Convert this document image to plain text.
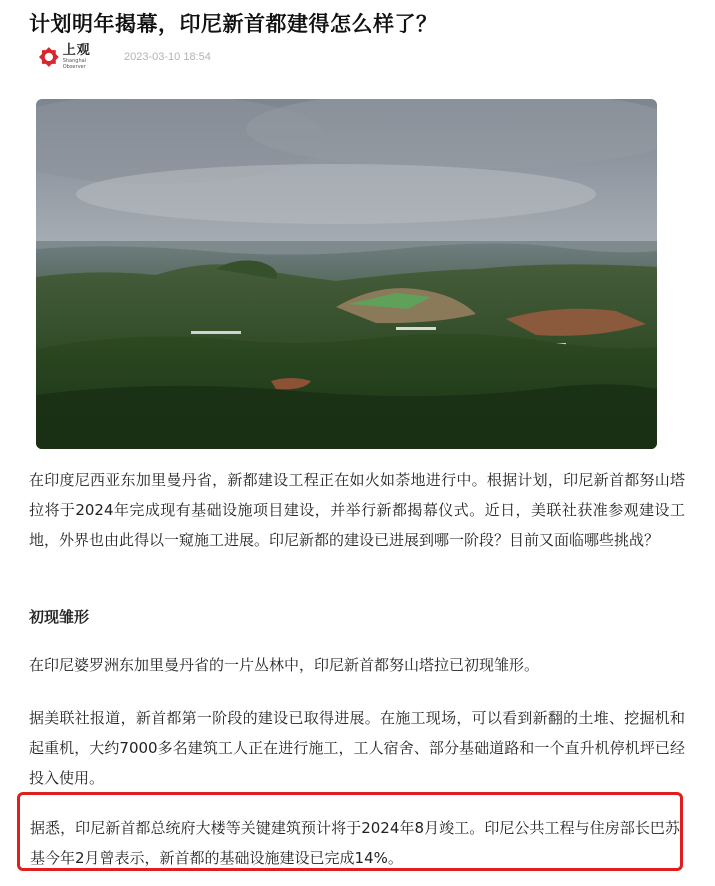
计划明年揭幕，印尼新首都建得怎么样了？
上观
Shanghai Observer
2023-03-10 18:54

在印度尼西亚东加里曼丹省，新都建设工程正在如火如荼地进行中。根据计划，印尼新首都努山塔拉将于2024年完成现有基础设施项目建设，并举行新都揭幕仪式。近日，美联社获准参观建设工地，外界也由此得以一窥施工进展。印尼新都的建设已进展到哪一阶段？目前又面临哪些挑战？

初现雏形

在印尼婆罗洲东加里曼丹省的一片丛林中，印尼新首都努山塔拉已初现雏形。

据美联社报道，新首都第一阶段的建设已取得进展。在施工现场，可以看到新翻的土堆、挖掘机和起重机，大约7000多名建筑工人正在进行施工，工人宿舍、部分基础道路和一个直升机停机坪已经投入使用。

据悉，印尼新首都总统府大楼等关键建筑预计将于2024年8月竣工。印尼公共工程与住房部长巴苏基今年2月曾表示，新首都的基础设施建设已完成14%。
